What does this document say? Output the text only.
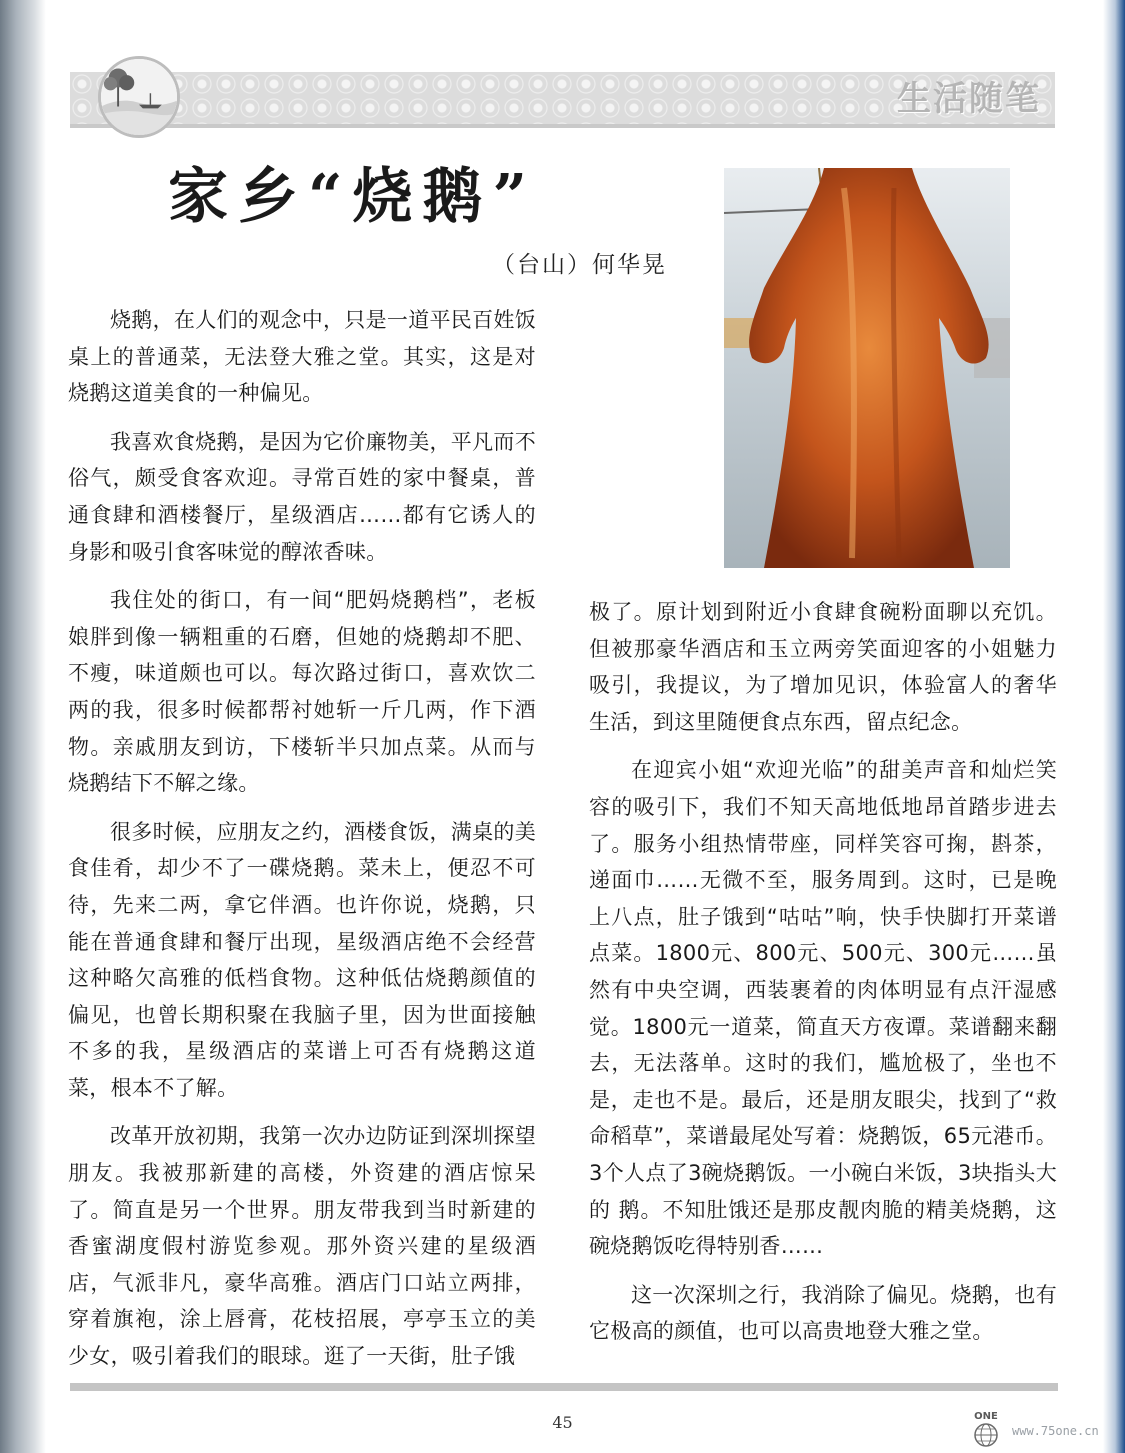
生活随笔
家乡“烧鹅”
（台山）何华晃

烧鹅，在人们的观念中，只是一道平民百姓饭桌上的普通菜，无法登大雅之堂。其实，这是对烧鹅这道美食的一种偏见。

我喜欢食烧鹅，是因为它价廉物美，平凡而不俗气，颇受食客欢迎。寻常百姓的家中餐桌，普通食肆和酒楼餐厅，星级酒店……都有它诱人的身影和吸引食客味觉的醇浓香味。

我住处的街口，有一间“肥妈烧鹅档”，老板娘胖到像一辆粗重的石磨，但她的烧鹅却不肥、不瘦，味道颇也可以。每次路过街口，喜欢饮二两的我，很多时候都帮衬她斩一斤几两，作下酒物。亲戚朋友到访，下楼斩半只加点菜。从而与烧鹅结下不解之缘。

很多时候，应朋友之约，酒楼食饭，满桌的美食佳肴，却少不了一碟烧鹅。菜未上，便忍不可待，先来二两，拿它伴酒。也许你说，烧鹅，只能在普通食肆和餐厅出现，星级酒店绝不会经营这种略欠高雅的低档食物。这种低估烧鹅颜值的偏见，也曾长期积聚在我脑子里，因为世面接触不多的我，星级酒店的菜谱上可否有烧鹅这道菜，根本不了解。

改革开放初期，我第一次办边防证到深圳探望朋友。我被那新建的高楼，外资建的酒店惊呆了。简直是另一个世界。朋友带我到当时新建的香蜜湖度假村游览参观。那外资兴建的星级酒店，气派非凡，豪华高雅。酒店门口站立两排，穿着旗袍，涂上唇膏，花枝招展，亭亭玉立的美少女，吸引着我们的眼球。逛了一天街，肚子饿

极了。原计划到附近小食肆食碗粉面聊以充饥。但被那豪华酒店和玉立两旁笑面迎客的小姐魅力吸引，我提议，为了增加见识，体验富人的奢华生活，到这里随便食点东西，留点纪念。

在迎宾小姐“欢迎光临”的甜美声音和灿烂笑容的吸引下，我们不知天高地低地昂首踏步进去了。服务小组热情带座，同样笑容可掬，斟茶，递面巾……无微不至，服务周到。这时，已是晚上八点，肚子饿到“咕咕”响，快手快脚打开菜谱点菜。1800元、800元、500元、300元……虽然有中央空调，西装裹着的肉体明显有点汗湿感觉。1800元一道菜，简直天方夜谭。菜谱翻来翻去，无法落单。这时的我们，尴尬极了，坐也不是，走也不是。最后，还是朋友眼尖，找到了“救命稻草”，菜谱最尾处写着：烧鹅饭，65元港币。3个人点了3碗烧鹅饭。一小碗白米饭，3块指头大的 鹅。不知肚饿还是那皮靓肉脆的精美烧鹅，这碗烧鹅饭吃得特别香……

这一次深圳之行，我消除了偏见。烧鹅，也有它极高的颜值，也可以高贵地登大雅之堂。

45	ONE
www.75one.cn
